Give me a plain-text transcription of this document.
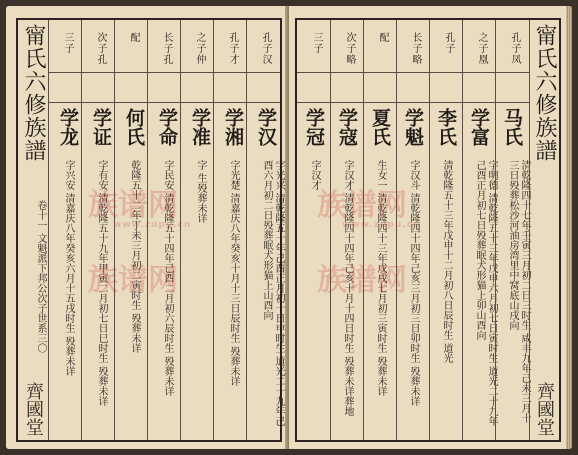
甯氏六修族譜
卷十一 文魁派下邦公次子世系三〇
齊國堂
三子
学龙
字兴安 清嘉庆八年癸亥六月十五戌时生 殁葬未详
次子孔
学证
字有安 清乾隆五十九年甲寅二月初七日巳时生 殁葬未详
配
何氏
乾隆五十二年丁未三月初二寅时生 殁葬未详
长子孔
学命
字民安 清乾隆五十四年己酉二月初六辰时生 殁葬未详
之子仲
学准
字 生殁葬未详
孔子才
学湘
字光楚 清嘉庆八年癸亥十月十三日辰时生 殁葬未详
孔子汉
学汉
字光兴 清乾隆五十年己酉正月初十日申时生 道光二十九年己酉六月初二日殁葬眠犬形猫上山酉向
族谱网
www.zupu.cn
族谱网
三子
学冠
字汉才
次子略
学寇
字汉才 清乾隆四十四年己亥十月十四日时生 殁葬未详葬地
配
夏氏
生女一 清乾隆四十三年戊戌七月初三寅时生 殁葬未详
长子略
学魁
字汉斗 清乾隆四十四年己亥三月初三日卯时生 殁葬未详
孔子
李氏
清乾隆五十三年戊申十二月初八日辰时生 道光
之子凰
学富
字明德 清乾隆五十三年戊申六月初七日寅时生 道光二十九年己酉正月初七日殁葬眠犬形猫上卯山酉向
孔子凤
马氏
清乾隆四十七年壬寅三月初二日三时生 咸丰九年己未三月十三日殁葬松沙河油房湾里中窝底山戌向
甯氏六修族譜
齊國堂
族谱网
www.zupu.cn
族谱网
